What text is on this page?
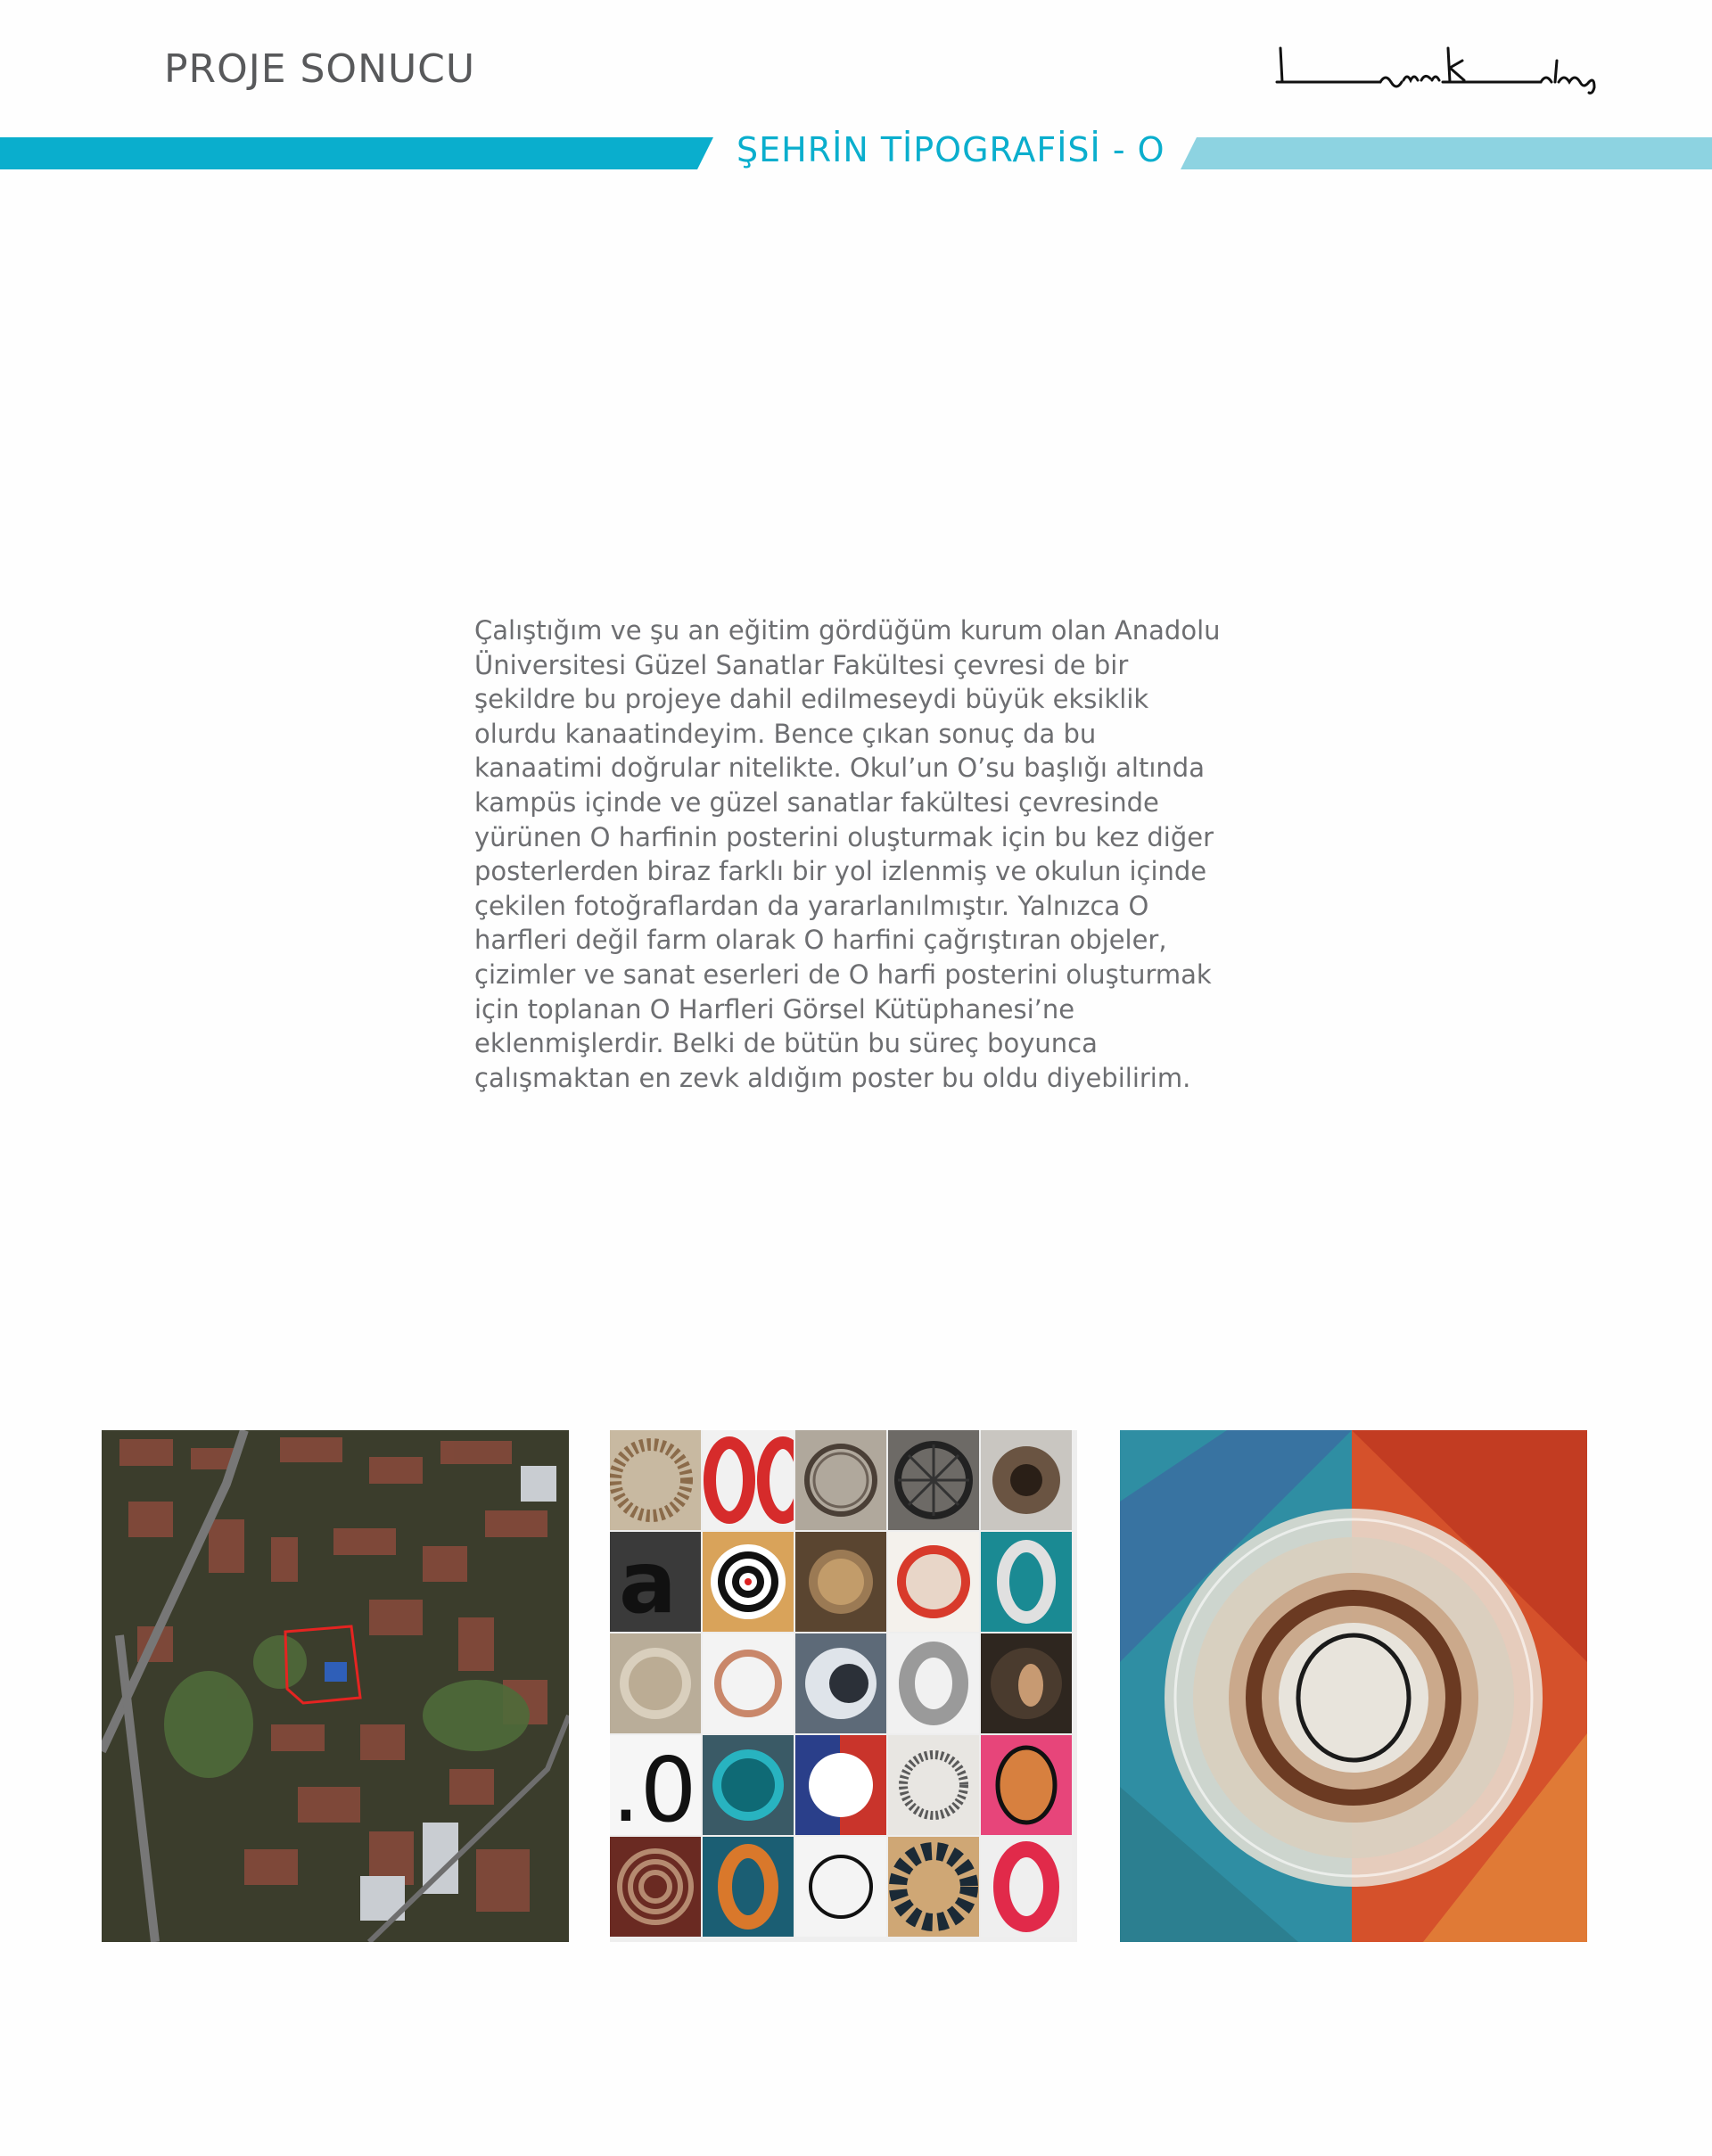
PROJE SONUCU
ŞEHRİN TİPOGRAFİSİ - O

Çalıştığım ve şu an eğitim gördüğüm kurum olan Anadolu
Üniversitesi Güzel Sanatlar Fakültesi çevresi de bir
şekildre bu projeye dahil edilmeseydi büyük eksiklik
olurdu kanaatindeyim. Bence çıkan sonuç da bu
kanaatimi doğrular nitelikte. Okul’un O’su başlığı altında
kampüs içinde ve güzel sanatlar fakültesi çevresinde
yürünen O harfinin posterini oluşturmak için bu kez diğer
posterlerden biraz farklı bir yol izlenmiş ve okulun içinde
çekilen fotoğraflardan da yararlanılmıştır. Yalnızca O
harfleri değil farm olarak O harfini çağrıştıran objeler,
çizimler ve sanat eserleri de O harfi posterini oluşturmak
için toplanan O Harfleri Görsel Kütüphanesi’ne
eklenmişlerdir. Belki de bütün bu süreç boyunca
çalışmaktan en zevk aldığım poster bu oldu diyebilirim.

a
.0
